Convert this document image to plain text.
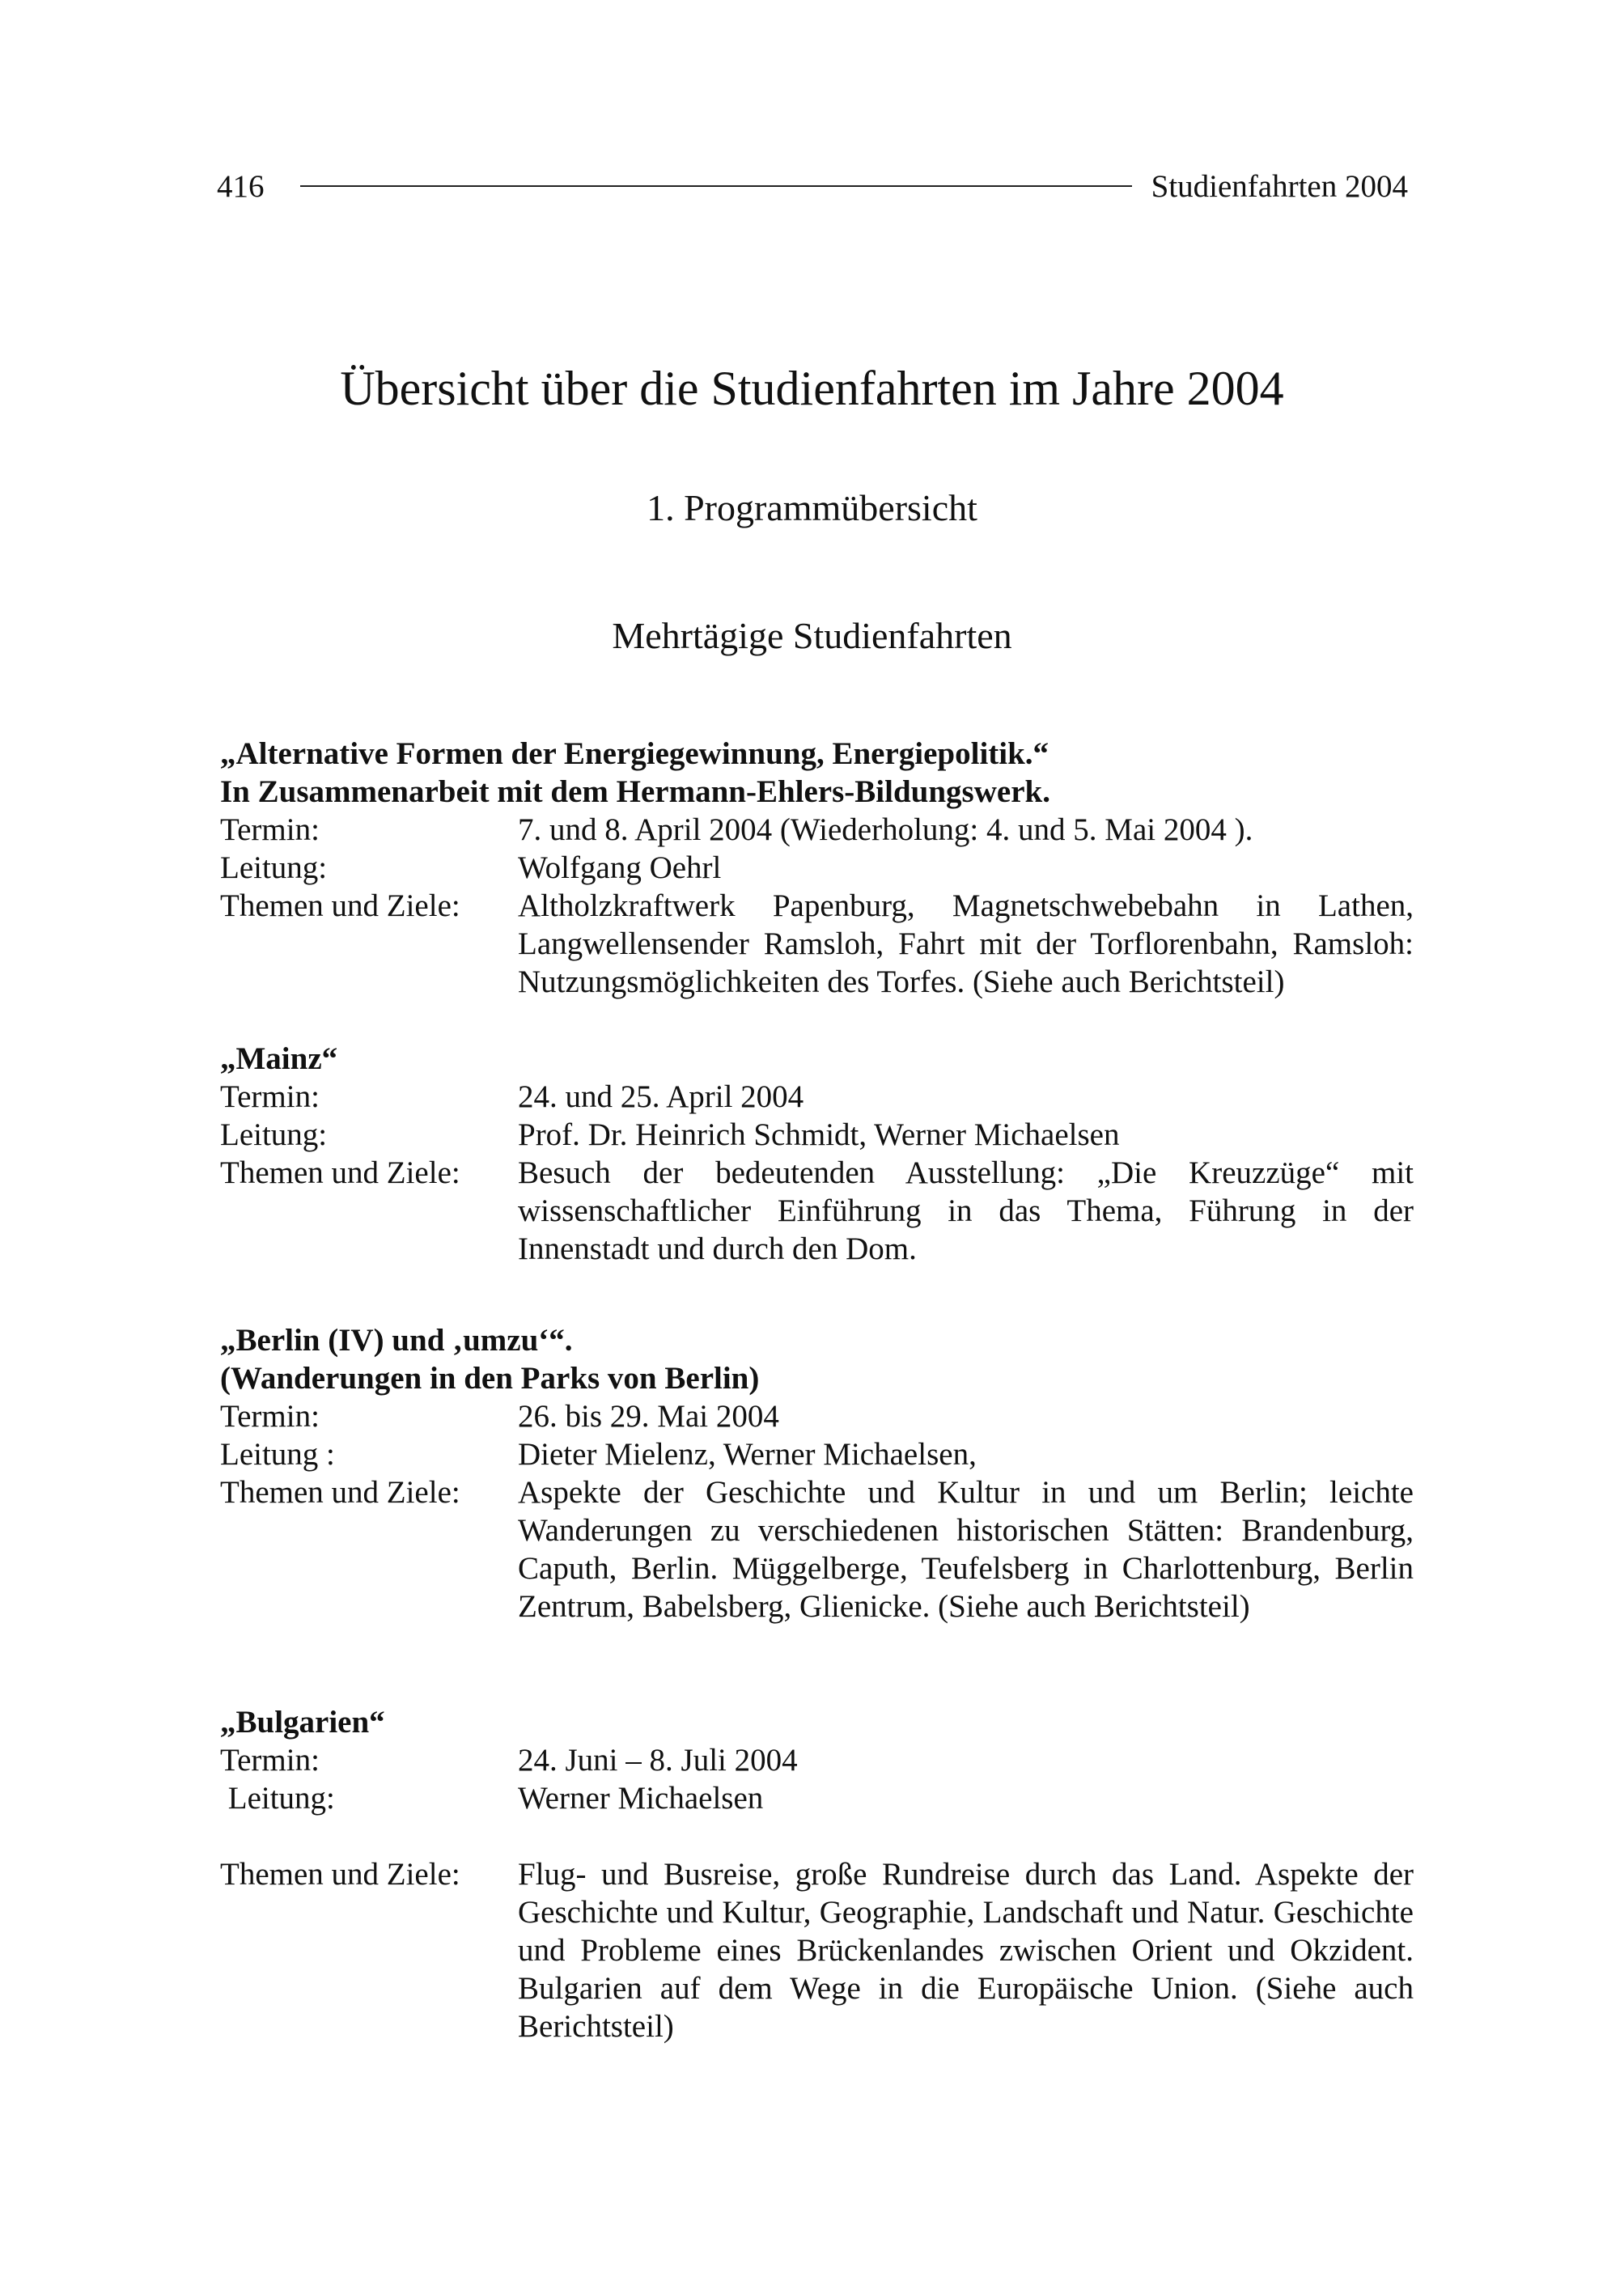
416	Studienfahrten 2004
Übersicht über die Studienfahrten im Jahre 2004
1. Programmübersicht
Mehrtägige Studienfahrten
„Alternative Formen der Energiegewinnung, Energiepolitik.“
In Zusammenarbeit mit dem Hermann-Ehlers-Bildungswerk.
Termin:	7. und 8. April 2004 (Wiederholung: 4. und 5. Mai 2004 ).
Leitung:	Wolfgang Oehrl
Themen und Ziele:	Altholzkraftwerk Papenburg, Magnetschwebebahn in Lathen, Langwellensender Ramsloh, Fahrt mit der Torflorenbahn, Ramsloh: Nutzungsmöglichkeiten des Torfes. (Siehe auch Berichtsteil)
„Mainz“
Termin:	24. und 25. April 2004
Leitung:	Prof. Dr. Heinrich Schmidt, Werner Michaelsen
Themen und Ziele:	Besuch der bedeutenden Ausstellung: „Die Kreuzzüge“ mit wissenschaftlicher Einführung in das Thema, Führung in der Innenstadt und durch den Dom.
„Berlin (IV) und ‚umzu‘“.
(Wanderungen in den Parks von Berlin)
Termin:	26. bis 29. Mai 2004
Leitung :	Dieter Mielenz, Werner Michaelsen,
Themen und Ziele:	Aspekte der Geschichte und Kultur in und um Berlin; leichte Wanderungen zu verschiedenen historischen Stätten: Brandenburg, Caputh, Berlin. Müggelberge, Teufelsberg in Charlottenburg, Berlin Zentrum, Babelsberg, Glienicke. (Siehe auch Berichtsteil)
„Bulgarien“
Termin:	24. Juni – 8. Juli 2004
Leitung:	Werner Michaelsen
Themen und Ziele:	Flug- und Busreise, große Rundreise durch das Land. Aspekte der Geschichte und Kultur, Geographie, Landschaft und Natur. Geschichte und Probleme eines Brückenlandes zwischen Orient und Okzident. Bulgarien auf dem Wege in die Europäische Union. (Siehe auch Berichtsteil)
